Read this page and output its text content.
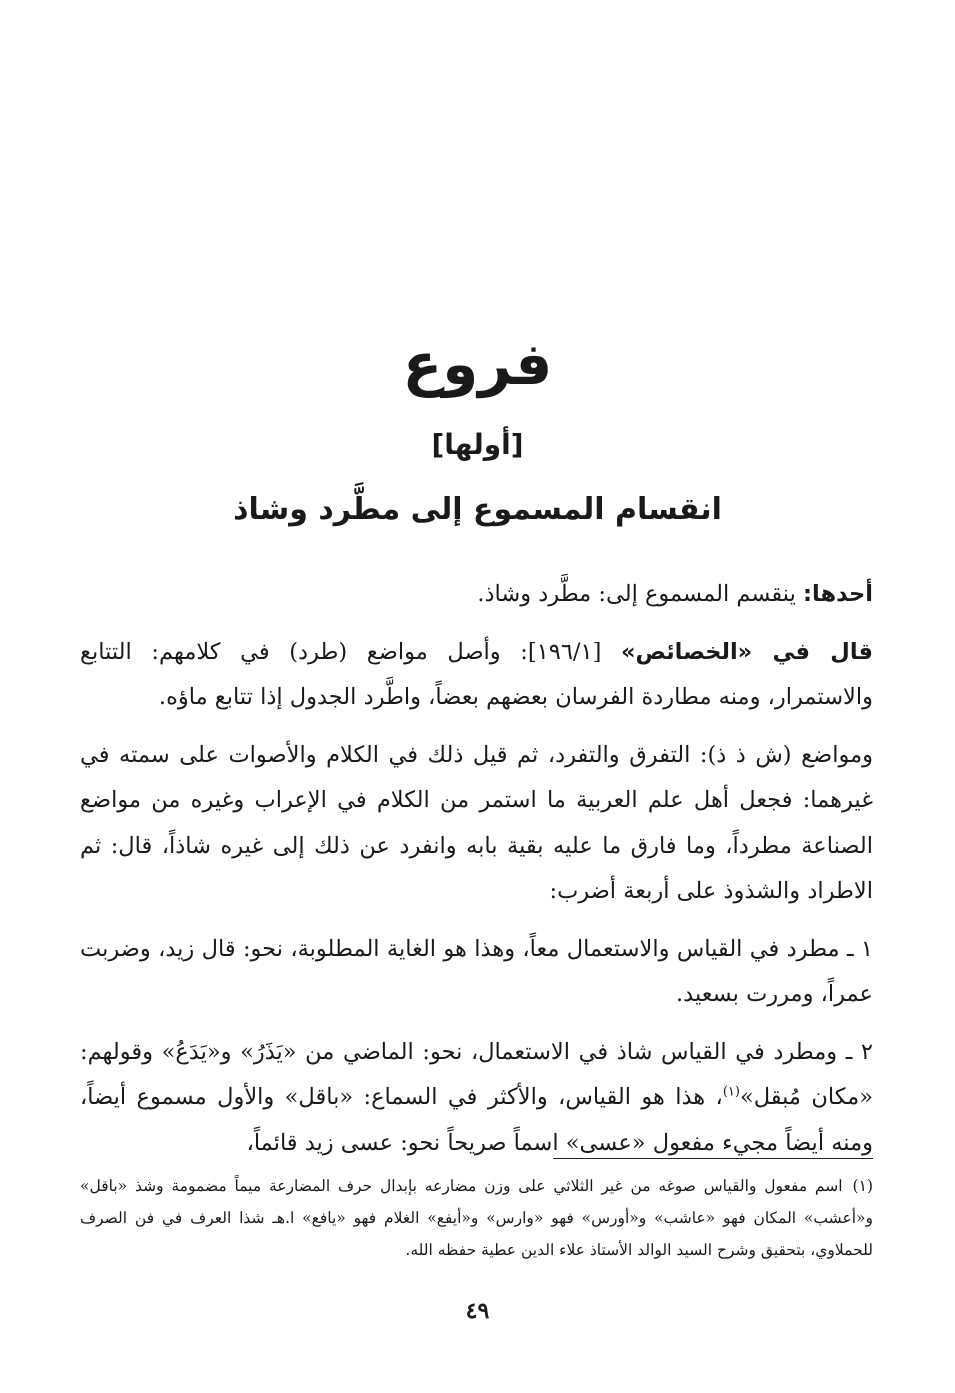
فروع
[أولها]
انقسام المسموع إلى مطَّرد وشاذ

أحدها: ينقسم المسموع إلى: مطَّرد وشاذ.

قال في «الخصائص» [١٩٦/١]: وأصل مواضع (طرد) في كلامهم: التتابع والاستمرار، ومنه مطاردة الفرسان بعضهم بعضاً، واطَّرد الجدول إذا تتابع ماؤه.

ومواضع (ش ذ ذ): التفرق والتفرد، ثم قيل ذلك في الكلام والأصوات على سمته في غيرهما: فجعل أهل علم العربية ما استمر من الكلام في الإعراب وغيره من مواضع الصناعة مطرداً، وما فارق ما عليه بقية بابه وانفرد عن ذلك إلى غيره شاذاً، قال: ثم الاطراد والشذوذ على أربعة أضرب:

١ ـ مطرد في القياس والاستعمال معاً، وهذا هو الغاية المطلوبة، نحو: قال زيد، وضربت عمراً، ومررت بسعيد.

٢ ـ ومطرد في القياس شاذ في الاستعمال، نحو: الماضي من «يَذَرُ» و«يَدَعُ» وقولهم: «مكان مُبقل»$^{(١)}$، هذا هو القياس، والأكثر في السماع: «باقل» والأول مسموع أيضاً، ومنه أيضاً مجيء مفعول «عسى» اسماً صريحاً نحو: عسى زيد قائماً،

(١)اسم مفعول والقياس صوغه من غير الثلاثي على وزن مضارعه بإبدال حرف المضارعة ميماً مضمومة وشذ «باقل» و«أعشب» المكان فهو «عاشب» و«أورس» فهو «وارس» و«أيفع» الغلام فهو «يافع» ا.هـ شذا العرف في فن الصرف للحملاوي، بتحقيق وشرح السيد الوالد الأستاذ علاء الدين عطية حفظه الله.

٤٩
